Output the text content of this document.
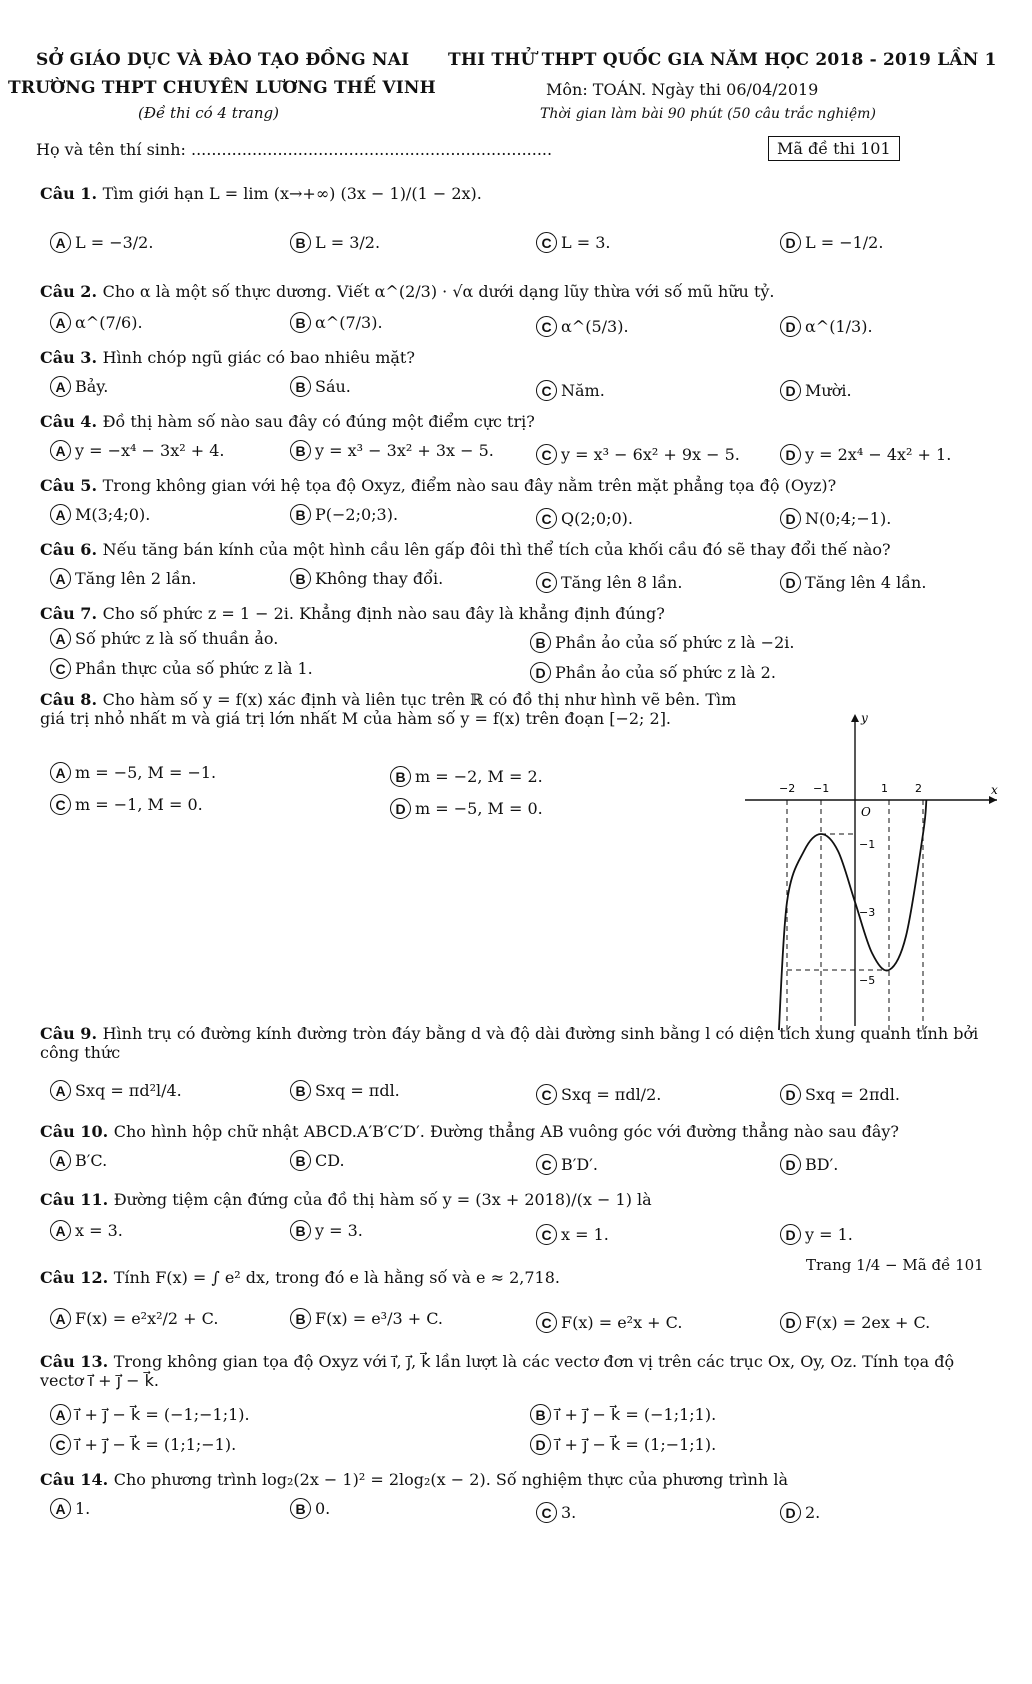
SỞ GIÁO DỤC VÀ ĐÀO TẠO ĐỒNG NAI
TRƯỜNG THPT CHUYÊN LƯƠNG THẾ VINH
(Đề thi có 4 trang)
THI THỬ THPT QUỐC GIA NĂM HỌC 2018 - 2019 LẦN 1
Môn: TOÁN. Ngày thi 06/04/2019
Thời gian làm bài 90 phút (50 câu trắc nghiệm)
Họ và tên thí sinh: .......................................................................	Mã đề thi 101
Câu 1. Tìm giới hạn L = lim (x→+∞) (3x − 1)/(1 − 2x).
A L = −3/2.	B L = 3/2.	C L = 3.	D L = −1/2.
Câu 2. Cho α là một số thực dương. Viết α^(2/3) · √α dưới dạng lũy thừa với số mũ hữu tỷ.
A α^(7/6).	B α^(7/3).	C α^(5/3).	D α^(1/3).
Câu 3. Hình chóp ngũ giác có bao nhiêu mặt?
A Bảy.	B Sáu.	C Năm.	D Mười.
Câu 4. Đồ thị hàm số nào sau đây có đúng một điểm cực trị?
A y = −x⁴ − 3x² + 4.	B y = x³ − 3x² + 3x − 5.	C y = x³ − 6x² + 9x − 5.	D y = 2x⁴ − 4x² + 1.
Câu 5. Trong không gian với hệ tọa độ Oxyz, điểm nào sau đây nằm trên mặt phẳng tọa độ (Oyz)?
A M(3;4;0).	B P(−2;0;3).	C Q(2;0;0).	D N(0;4;−1).
Câu 6. Nếu tăng bán kính của một hình cầu lên gấp đôi thì thể tích của khối cầu đó sẽ thay đổi thế nào?
A Tăng lên 2 lần.	B Không thay đổi.	C Tăng lên 8 lần.	D Tăng lên 4 lần.
Câu 7. Cho số phức z = 1 − 2i. Khẳng định nào sau đây là khẳng định đúng?
A Số phức z là số thuần ảo.	B Phần ảo của số phức z là −2i.
C Phần thực của số phức z là 1.	D Phần ảo của số phức z là 2.
Câu 8. Cho hàm số y = f(x) xác định và liên tục trên ℝ có đồ thị như hình vẽ bên. Tìm giá trị nhỏ nhất m và giá trị lớn nhất M của hàm số y = f(x) trên đoạn [−2; 2].
A m = −5, M = −1.	B m = −2, M = 2.
C m = −1, M = 0.	D m = −5, M = 0.
Câu 9. Hình trụ có đường kính đường tròn đáy bằng d và độ dài đường sinh bằng l có diện tích xung quanh tính bởi công thức
A Sxq = πd²l/4.	B Sxq = πdl.	C Sxq = πdl/2.	D Sxq = 2πdl.
Câu 10. Cho hình hộp chữ nhật ABCD.A′B′C′D′. Đường thẳng AB vuông góc với đường thẳng nào sau đây?
A B′C.	B CD.	C B′D′.	D BD′.
Câu 11. Đường tiệm cận đứng của đồ thị hàm số y = (3x + 2018)/(x − 1) là
A x = 3.	B y = 3.	C x = 1.	D y = 1.
Câu 12. Tính F(x) = ∫ e² dx, trong đó e là hằng số và e ≈ 2,718.
A F(x) = e²x²/2 + C.	B F(x) = e³/3 + C.	C F(x) = e²x + C.	D F(x) = 2ex + C.
Câu 13. Trong không gian tọa độ Oxyz với i⃗, j⃗, k⃗ lần lượt là các vectơ đơn vị trên các trục Ox, Oy, Oz. Tính tọa độ vectơ i⃗ + j⃗ − k⃗.
A i⃗ + j⃗ − k⃗ = (−1;−1;1).	B i⃗ + j⃗ − k⃗ = (−1;1;1).
C i⃗ + j⃗ − k⃗ = (1;1;−1).	D i⃗ + j⃗ − k⃗ = (1;−1;1).
Câu 14. Cho phương trình log₂(2x − 1)² = 2log₂(x − 2). Số nghiệm thực của phương trình là
A 1.	B 0.	C 3.	D 2.
x
y
O
−2 −1	1 2
−1
−3
−5
Trang 1/4 − Mã đề 101
